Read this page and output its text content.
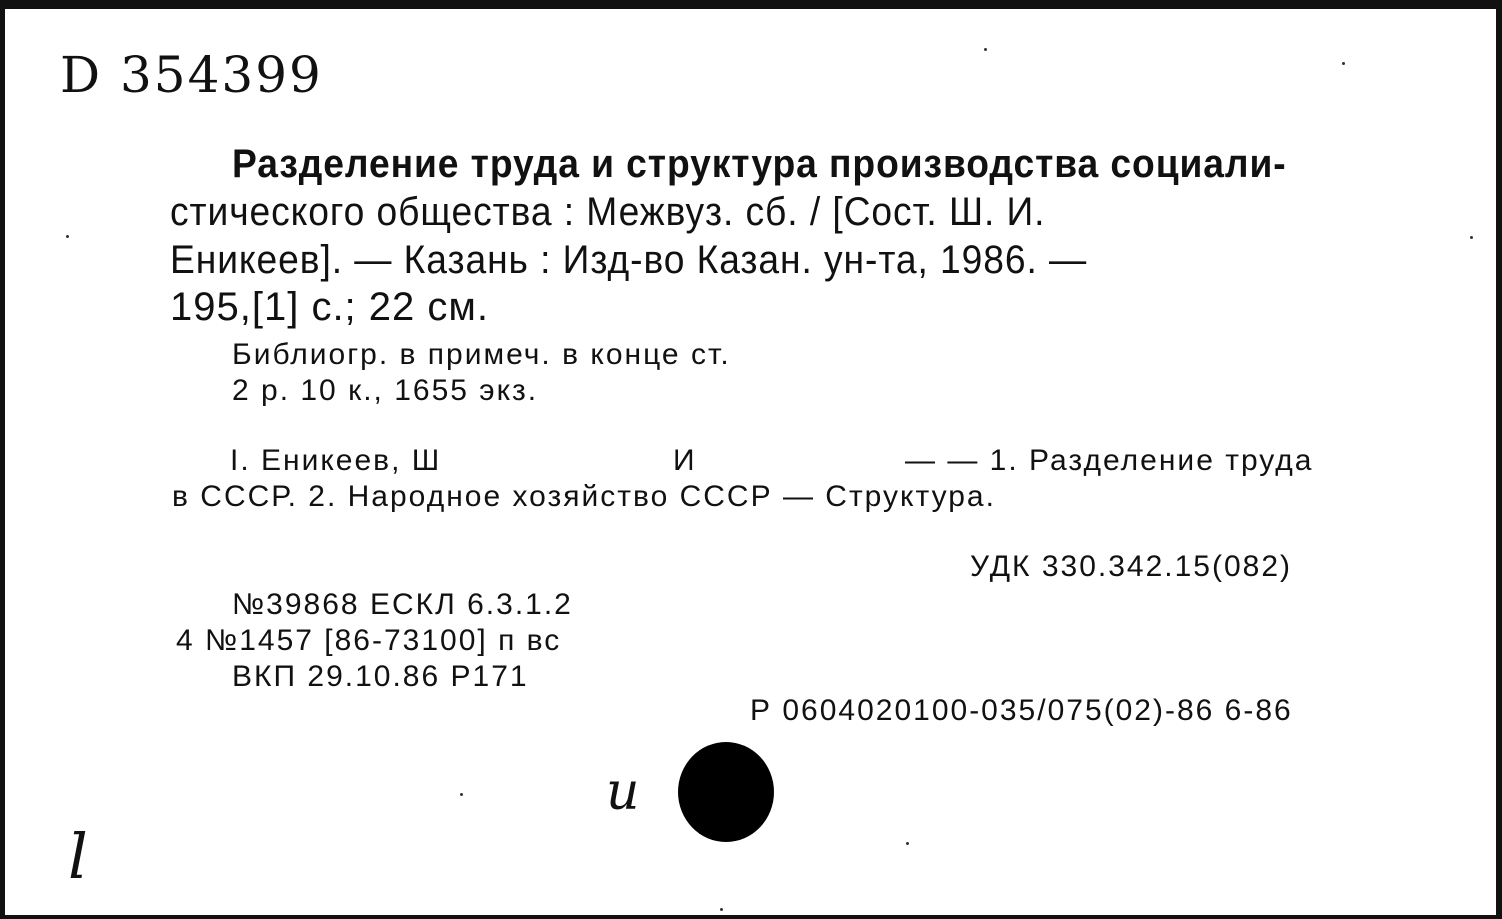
D 354399
Разделение труда и структура производства социали-
стического общества : Межвуз. сб. / [Сост. Ш. И.
Еникеев]. — Казань : Изд-во Казан. ун-та, 1986. —
195,[1] с.; 22 см.
Библиогр. в примеч. в конце ст.
2 р. 10 к., 1655 экз.
I. Еникеев, Ш	И	— — 1. Разделение труда
в СССР. 2. Народное хозяйство СССР — Структура.
УДК 330.342.15(082)
№39868 ЕСКЛ 6.3.1.2
4 №1457 [86-73100] п вс
ВКП 29.10.86 Р171
Р 0604020100-035/075(02)-86 6-86
и
l
